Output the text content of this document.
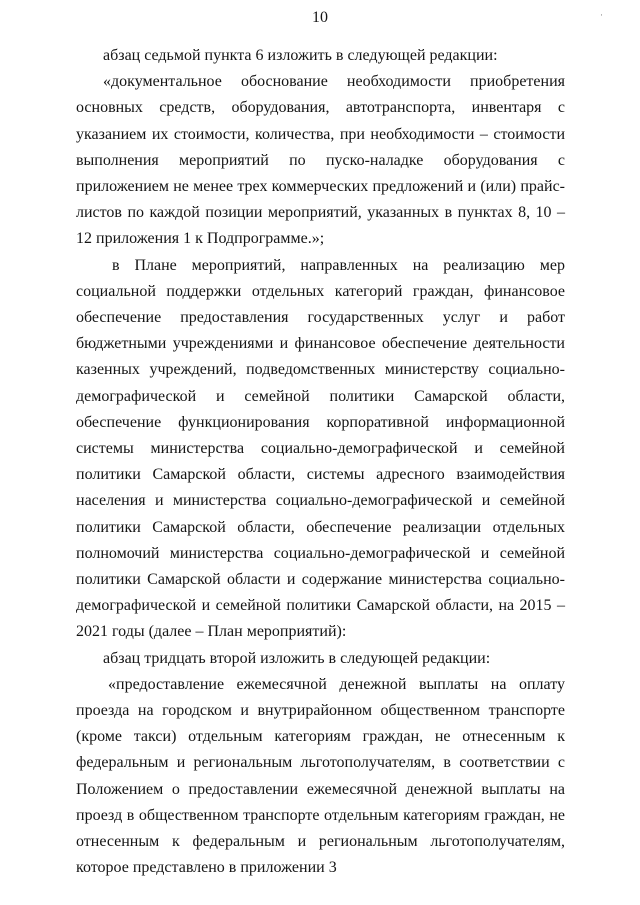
10	·

абзац седьмой пункта 6 изложить в следующей редакции:

«документальное обоснование необходимости приобретения основных средств, оборудования, автотранспорта, инвентаря с указанием их стоимости, количества, при необходимости – стоимости выполнения мероприятий по пуско-наладке оборудования с приложением не менее трех коммерческих предложений и (или) прайс-листов по каждой позиции мероприятий, указанных в пунктах 8, 10 – 12 приложения 1 к Подпрограмме.»;

в Плане мероприятий, направленных на реализацию мер социальной поддержки отдельных категорий граждан, финансовое обеспечение предоставления государственных услуг и работ бюджетными учреждениями и финансовое обеспечение деятельности казенных учреждений, подведомственных министерству социально-демографической и семейной политики Самарской области, обеспечение функционирования корпоративной информационной системы министерства социально-демографической и семейной политики Самарской области, системы адресного взаимодействия населения и министерства социально-демографической и семейной политики Самарской области, обеспечение реализации отдельных полномочий министерства социально-демографической и семейной политики Самарской области и содержание министерства социально-демографической и семейной политики Самарской области, на 2015 – 2021 годы (далее – План мероприятий):

абзац тридцать второй изложить в следующей редакции:

«предоставление ежемесячной денежной выплаты на оплату проезда на городском и внутрирайонном общественном транспорте (кроме такси) отдельным категориям граждан, не отнесенным к федеральным и региональным льготополучателям, в соответствии с Положением о предоставлении ежемесячной денежной выплаты на проезд в общественном транспорте отдельным категориям граждан, не отнесенным к федеральным и региональным льготополучателям, которое представлено в приложении 3
